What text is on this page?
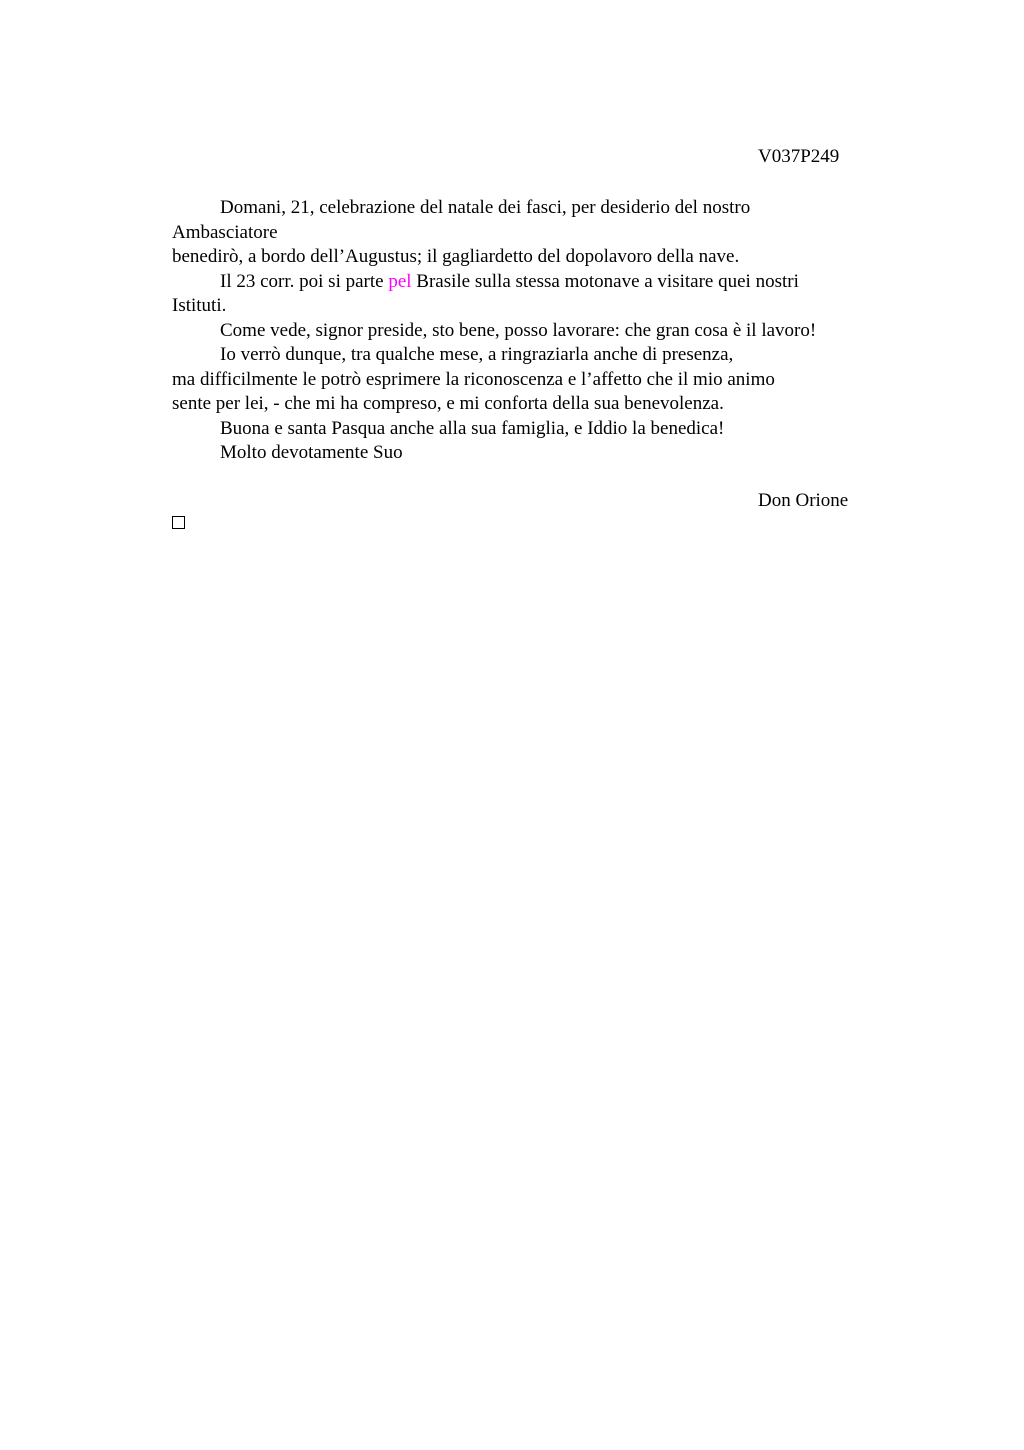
V037P249
Domani, 21, celebrazione del natale dei fasci, per desiderio del nostro
Ambasciatore
benedirò, a bordo dell’Augustus; il gagliardetto del dopolavoro della nave.
Il 23 corr. poi si parte pel Brasile sulla stessa motonave a visitare quei nostri
Istituti.
Come vede, signor preside, sto bene, posso lavorare: che gran cosa è il lavoro!
Io verrò dunque, tra qualche mese, a ringraziarla anche di presenza,
ma difficilmente le potrò esprimere la riconoscenza e l’affetto che il mio animo
sente per lei, - che mi ha compreso, e mi conforta della sua benevolenza.
Buona e santa Pasqua anche alla sua famiglia, e Iddio la benedica!
Molto devotamente Suo
Don Orione
